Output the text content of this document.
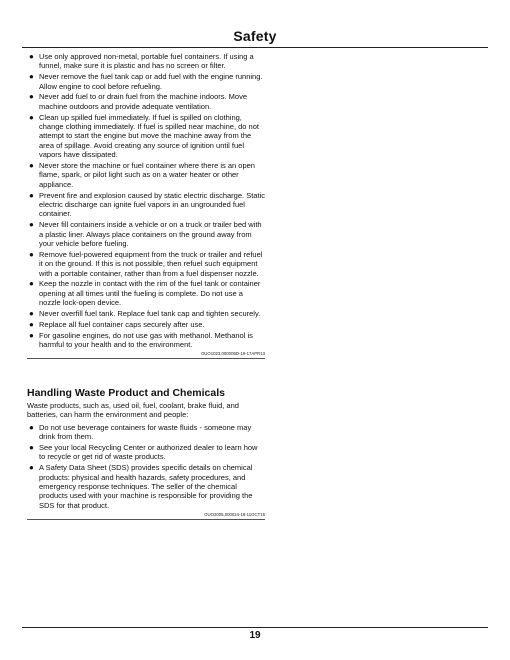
Safety
● Use only approved non-metal, portable fuel containers. If using a funnel, make sure it is plastic and has no screen or filter.
● Never remove the fuel tank cap or add fuel with the engine running. Allow engine to cool before refueling.
● Never add fuel to or drain fuel from the machine indoors. Move machine outdoors and provide adequate ventilation.
● Clean up spilled fuel immediately. If fuel is spilled on clothing, change clothing immediately. If fuel is spilled near machine, do not attempt to start the engine but move the machine away from the area of spillage. Avoid creating any source of ignition until fuel vapors have dissipated.
● Never store the machine or fuel container where there is an open flame, spark, or pilot light such as on a water heater or other appliance.
● Prevent fire and explosion caused by static electric discharge. Static electric discharge can ignite fuel vapors in an ungrounded fuel container.
● Never fill containers inside a vehicle or on a truck or trailer bed with a plastic liner. Always place containers on the ground away from your vehicle before fueling.
● Remove fuel-powered equipment from the truck or trailer and refuel it on the ground. If this is not possible, then refuel such equipment with a portable container, rather than from a fuel dispenser nozzle.
● Keep the nozzle in contact with the rim of the fuel tank or container opening at all times until the fueling is complete. Do not use a nozzle lock-open device.
● Never overfill fuel tank. Replace fuel tank cap and tighten securely.
● Replace all fuel container caps securely after use.
● For gasoline engines, do not use gas with methanol. Methanol is harmful to your health and to the environment.
OUO1023,000006D-19-17APR13
Handling Waste Product and Chemicals

Waste products, such as, used oil, fuel, coolant, brake fluid, and batteries, can harm the environment and people:

● Do not use beverage containers for waste fluids - someone may drink from them.
● See your local Recycling Center or authorized dealer to learn how to recycle or get rid of waste products.
● A Safety Data Sheet (SDS) provides specific details on chemical products: physical and health hazards, safety procedures, and emergency response techniques. The seller of the chemical products used with your machine is responsible for providing the SDS for that product.
OUO2005,000024-19-11OCT15
19
